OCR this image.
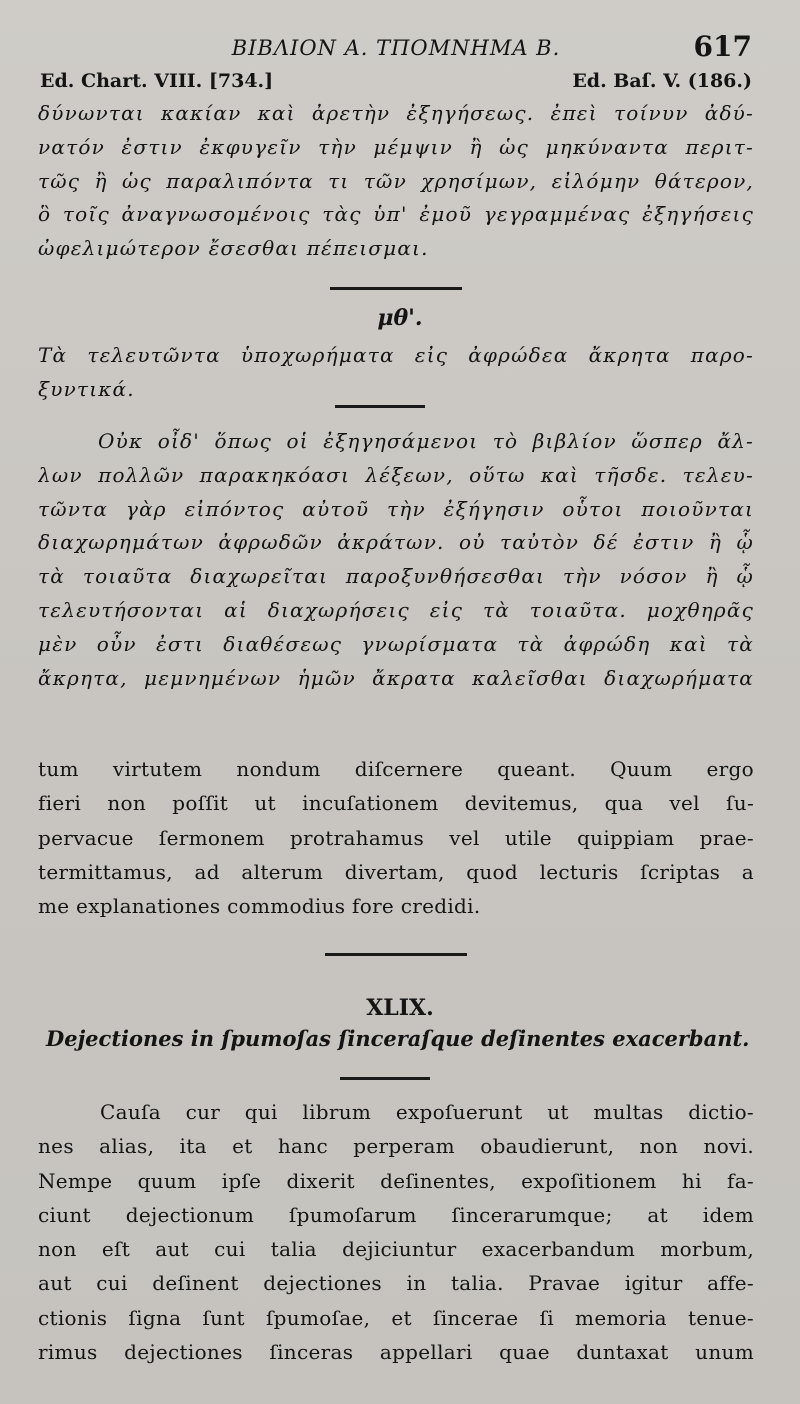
ΒΙΒΛΙΟΝ Α. ΤΠΟΜΝΗΜΑ Β.	617
Ed. Chart. VIII. [734.]	Ed. Baſ. V. (186.)
δύνωνται κακίαν καὶ ἀρετὴν ἐξηγήσεως. ἐπεὶ τοίνυν ἀδύ-
νατόν ἐστιν ἐκφυγεῖν τὴν μέμψιν ἢ ὡς μηκύναντα περιτ-
τῶς ἢ ὡς παραλιπόντα τι τῶν χρησίμων, εἰλόμην θάτερον,
ὃ τοῖς ἀναγνωσομένοις τὰς ὑπ' ἐμοῦ γεγραμμένας ἐξηγήσεις
ὠφελιμώτερον ἔσεσθαι πέπεισμαι.
μθ'.
Τὰ τελευτῶντα ὑποχωρήματα εἰς ἀφρώδεα ἄκρητα παρο-
ξυντικά.
Οὐκ οἶδ' ὅπως οἱ ἐξηγησάμενοι τὸ βιβλίον ὥσπερ ἄλ-
λων πολλῶν παρακηκόασι λέξεων, οὕτω καὶ τῆσδε. τελευ-
τῶντα γὰρ εἰπόντος αὐτοῦ τὴν ἐξήγησιν οὗτοι ποιοῦνται
διαχωρημάτων ἀφρωδῶν ἀκράτων. οὐ ταὐτὸν δέ ἐστιν ἢ ᾧ
τὰ τοιαῦτα διαχωρεῖται παροξυνθήσεσθαι τὴν νόσον ἢ ᾧ
τελευτήσονται αἱ διαχωρήσεις εἰς τὰ τοιαῦτα. μοχθηρᾶς
μὲν οὖν ἐστι διαθέσεως γνωρίσματα τὰ ἀφρώδη καὶ τὰ
ἄκρητα, μεμνημένων ἡμῶν ἄκρατα καλεῖσθαι διαχωρήματα
tum virtutem nondum diſcernere queant. Quum ergo
fieri non poſſit ut incuſationem devitemus, qua vel ſu-
pervacue ſermonem protrahamus vel utile quippiam prae-
termittamus, ad alterum divertam, quod lecturis ſcriptas a
me explanationes commodius fore credidi.
XLIX.
Dejectiones in ſpumoſas ſinceraſque deſinentes exacerbant.
Cauſa cur qui librum expoſuerunt ut multas dictio-
nes alias, ita et hanc perperam obaudierunt, non novi.
Nempe quum ipſe dixerit deſinentes, expoſitionem hi fa-
ciunt dejectionum ſpumoſarum ſincerarumque; at idem
non eſt aut cui talia dejiciuntur exacerbandum morbum,
aut cui deſinent dejectiones in talia. Pravae igitur affe-
ctionis ſigna ſunt ſpumoſae, et ſincerae ſi memoria tenue-
rimus dejectiones ſinceras appellari quae duntaxat unum
